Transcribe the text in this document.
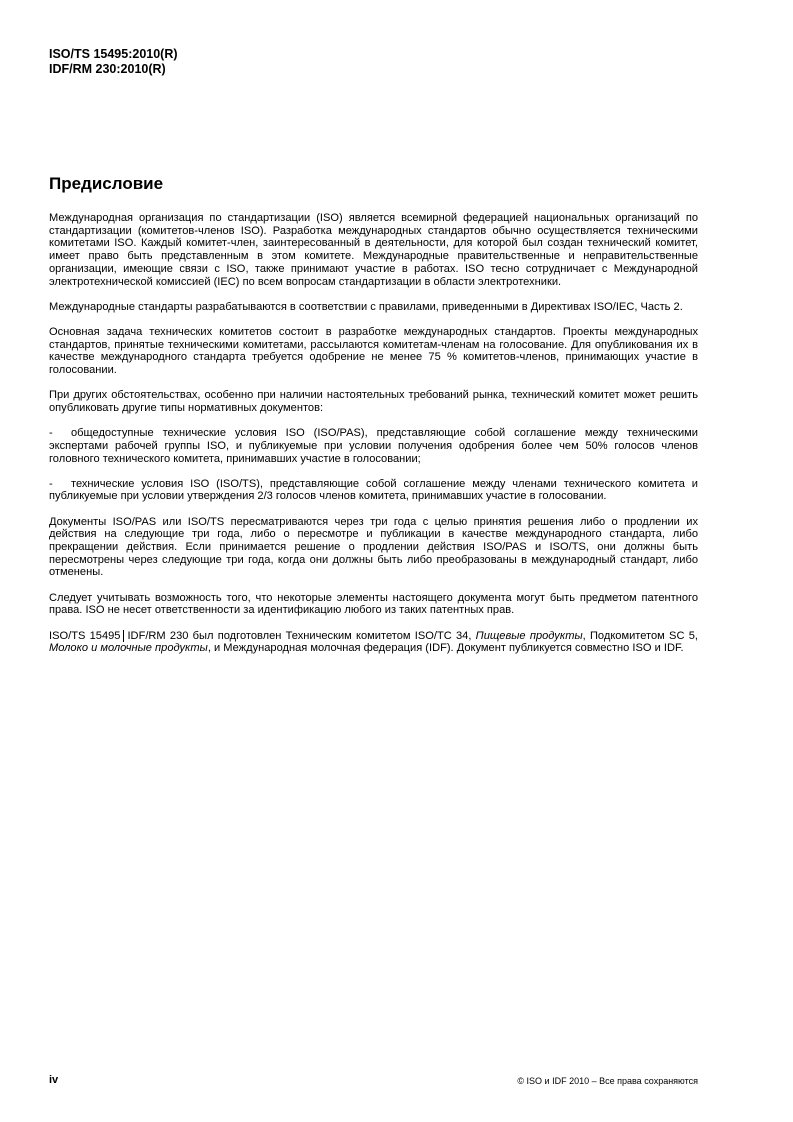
ISO/TS 15495:2010(R)
IDF/RM 230:2010(R)
Предисловие

Международная организация по стандартизации (ISO) является всемирной федерацией национальных организаций по стандартизации (комитетов-членов ISO). Разработка международных стандартов обычно осуществляется техническими комитетами ISO. Каждый комитет-член, заинтересованный в деятельности, для которой был создан технический комитет, имеет право быть представленным в этом комитете. Международные правительственные и неправительственные организации, имеющие связи с ISO, также принимают участие в работах. ISO тесно сотрудничает с Международной электротехнической комиссией (IEC) по всем вопросам стандартизации в области электротехники.

Международные стандарты разрабатываются в соответствии с правилами, приведенными в Директивах ISO/IEC, Часть 2.

Основная задача технических комитетов состоит в разработке международных стандартов. Проекты международных стандартов, принятые техническими комитетами, рассылаются комитетам-членам на голосование. Для опубликования их в качестве международного стандарта требуется одобрение не менее 75 % комитетов-членов, принимающих участие в голосовании.

При других обстоятельствах, особенно при наличии настоятельных требований рынка, технический комитет может решить опубликовать другие типы нормативных документов:

- общедоступные технические условия ISO (ISO/PAS), представляющие собой соглашение между техническими экспертами рабочей группы ISO, и публикуемые при условии получения одобрения более чем 50% голосов членов головного технического комитета, принимавших участие в голосовании;

- технические условия ISO (ISO/TS), представляющие собой соглашение между членами технического комитета и публикуемые при условии утверждения 2/3 голосов членов комитета, принимавших участие в голосовании.

Документы ISO/PAS или ISO/TS пересматриваются через три года с целью принятия решения либо о продлении их действия на следующие три года, либо о пересмотре и публикации в качестве международного стандарта, либо прекращении действия. Если принимается решение о продлении действия ISO/PAS и ISO/TS, они должны быть пересмотрены через следующие три года, когда они должны быть либо преобразованы в международный стандарт, либо отменены.

Следует учитывать возможность того, что некоторые элементы настоящего документа могут быть предметом патентного права. ISO не несет ответственности за идентификацию любого из таких патентных прав.

ISO/TS 15495 IDF/RM 230 был подготовлен Техническим комитетом ISO/TC 34, Пищевые продукты, Подкомитетом SC 5, Молоко и молочные продукты, и Международная молочная федерация (IDF). Документ публикуется совместно ISO и IDF.

iv	© ISO и IDF 2010 – Все права сохраняются
